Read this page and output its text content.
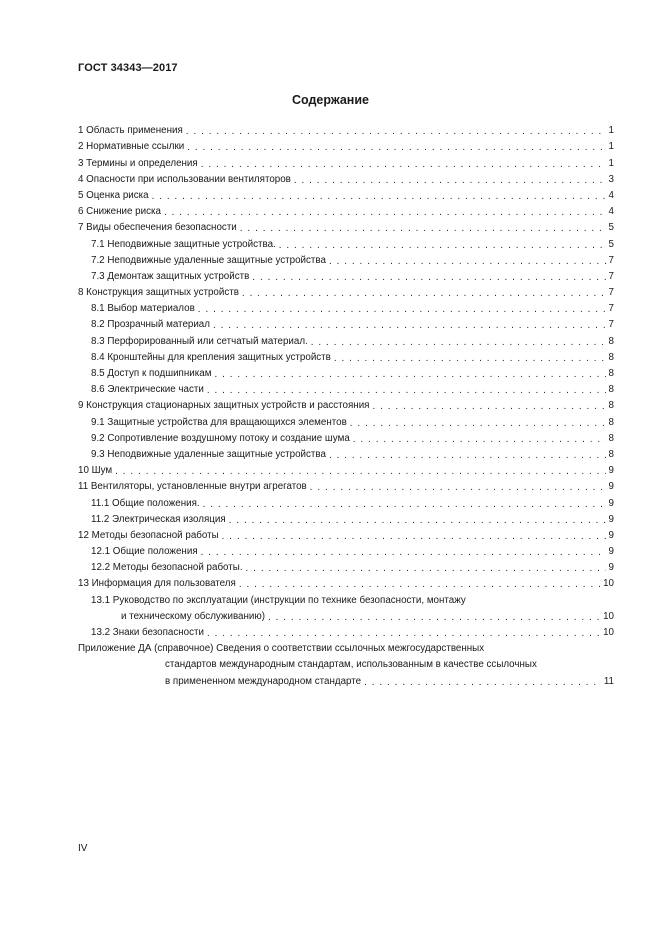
ГОСТ 34343—2017
Содержание
1 Область применения . . .	1
2 Нормативные ссылки . . .	1
3 Термины и определения . . .	1
4 Опасности при использовании вентиляторов . . .	3
5 Оценка риска . . .	4
6 Снижение риска . . .	4
7 Виды обеспечения безопасности . . .	5
7.1 Неподвижные защитные устройства. . . .	5
7.2 Неподвижные удаленные защитные устройства . . .	7
7.3 Демонтаж защитных устройств . . .	7
8 Конструкция защитных устройств . . .	7
8.1 Выбор материалов . . .	7
8.2 Прозрачный материал . . .	7
8.3 Перфорированный или сетчатый материал. . . .	8
8.4 Кронштейны для крепления защитных устройств . . .	8
8.5 Доступ к подшипникам . . .	8
8.6 Электрические части . . .	8
9 Конструкция стационарных защитных устройств и расстояния . . .	8
9.1 Защитные устройства для вращающихся элементов . . .	8
9.2 Сопротивление воздушному потоку и создание шума . . .	8
9.3 Неподвижные удаленные защитные устройства . . .	8
10 Шум . . .	9
11 Вентиляторы, установленные внутри агрегатов . . .	9
11.1 Общие положения. . . .	9
11.2 Электрическая изоляция . . .	9
12 Методы безопасной работы . . .	9
12.1 Общие положения . . .	9
12.2 Методы безопасной работы. . . .	9
13 Информация для пользователя . . .	10
13.1 Руководство по эксплуатации (инструкции по технике безопасности, монтажу
и техническому обслуживанию) . . .	10
13.2 Знаки безопасности . . .	10
Приложение ДА (справочное) Сведения о соответствии ссылочных межгосударственных
стандартов международным стандартам, использованным в качестве ссылочных
в примененном международном стандарте . . .	11
IV
